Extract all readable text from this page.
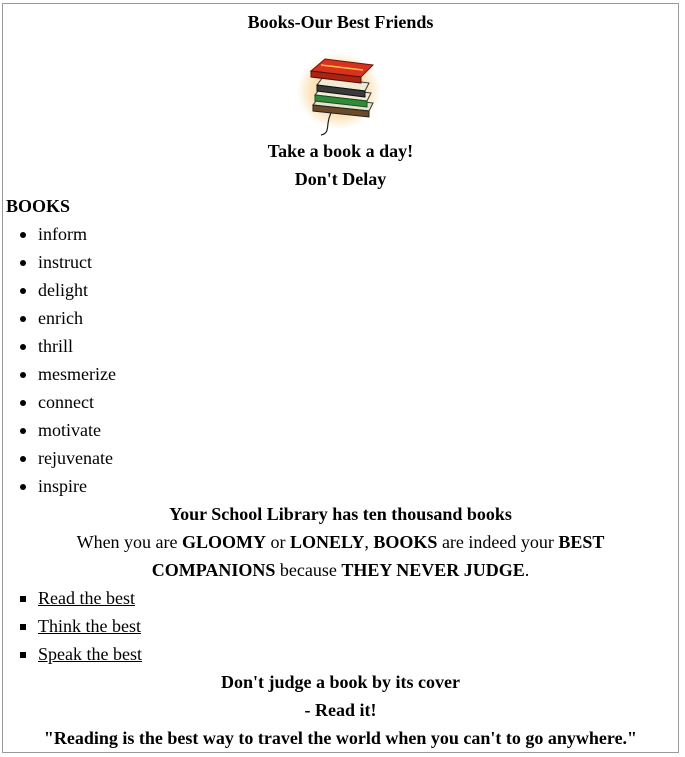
Books-Our Best Friends
Take a book a day!
Don't Delay
BOOKS
inform
instruct
delight
enrich
thrill
mesmerize
connect
motivate
rejuvenate
inspire
Your School Library has ten thousand books
When you are GLOOMY or LONELY, BOOKS are indeed your BEST
COMPANIONS because THEY NEVER JUDGE.
Read the best
Think the best
Speak the best
Don't judge a book by its cover
- Read it!
"Reading is the best way to travel the world when you can't to go anywhere."
